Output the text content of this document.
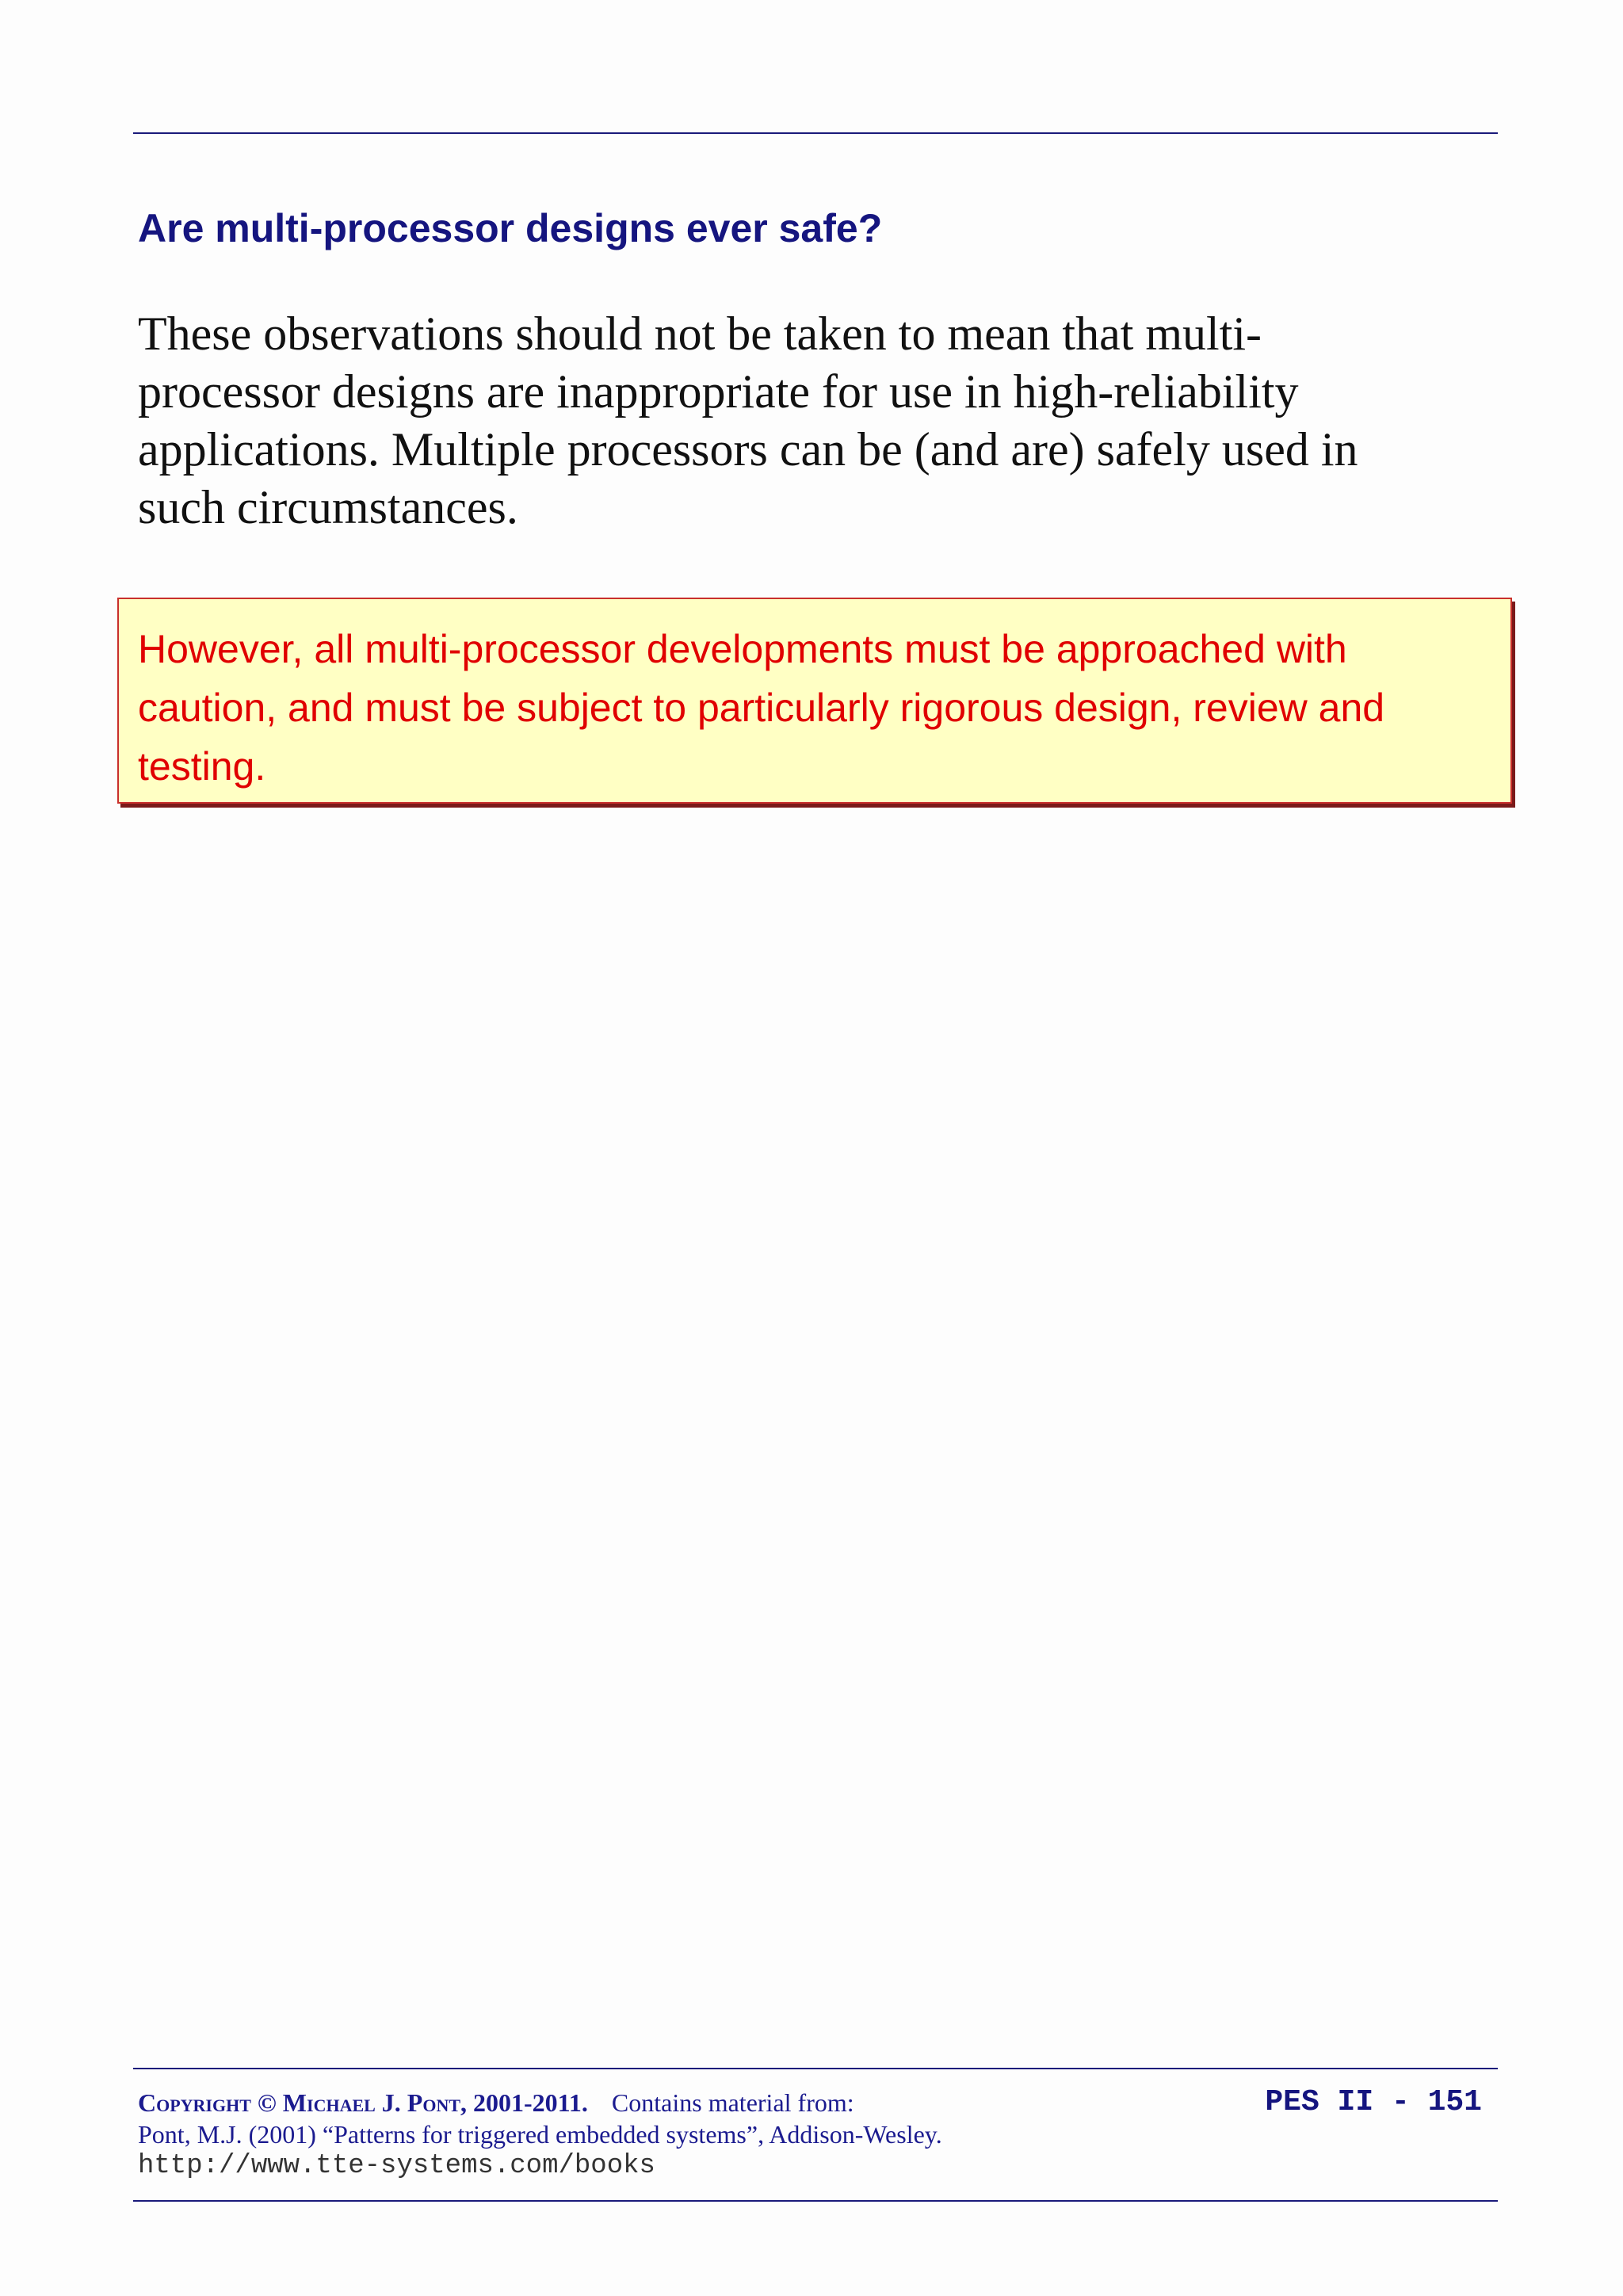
Are multi-processor designs ever safe?

These observations should not be taken to mean that multi-
processor designs are inappropriate for use in high-reliability
applications. Multiple processors can be (and are) safely used in
such circumstances.

However, all multi-processor developments must be approached with
caution, and must be subject to particularly rigorous design, review and
testing.
Copyright © Michael J. Pont, 2001-2011. Contains material from:
Pont, M.J. (2001) “Patterns for triggered embedded systems”, Addison-Wesley.
http://www.tte-systems.com/books
PES II - 151
